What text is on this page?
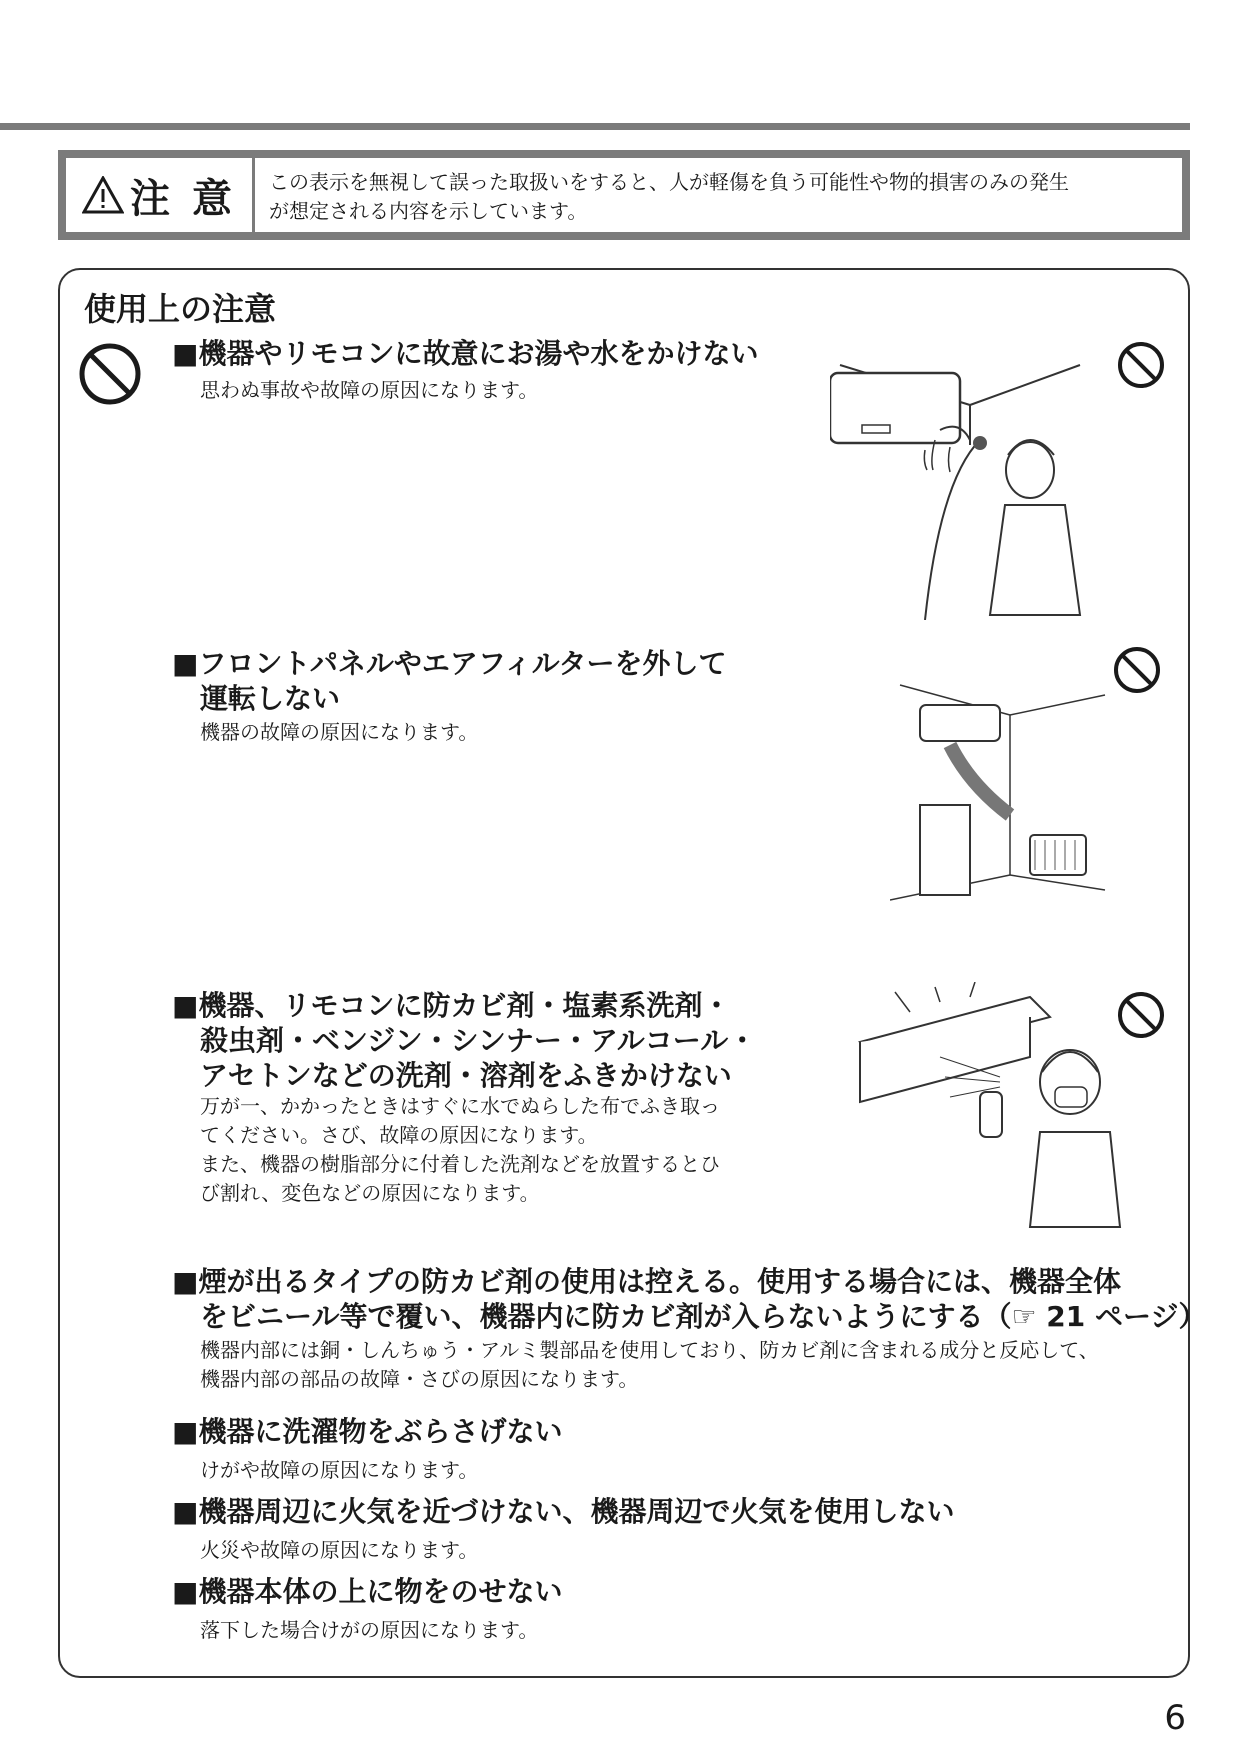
注 意	この表示を無視して誤った取扱いをすると、人が軽傷を負う可能性や物的損害のみの発生
が想定される内容を示しています。
使用上の注意
■機器やリモコンに故意にお湯や水をかけない
思わぬ事故や故障の原因になります。
■フロントパネルやエアフィルターを外して
　運転しない
機器の故障の原因になります。
■機器、リモコンに防カビ剤・塩素系洗剤・
　殺虫剤・ベンジン・シンナー・アルコール・
　アセトンなどの洗剤・溶剤をふきかけない
万が一、かかったときはすぐに水でぬらした布でふき取っ
てください。さび、故障の原因になります。
また、機器の樹脂部分に付着した洗剤などを放置するとひ
び割れ、変色などの原因になります。
■煙が出るタイプの防カビ剤の使用は控える。使用する場合には、機器全体
　をビニール等で覆い、機器内に防カビ剤が入らないようにする（☞ 21 ページ）
機器内部には銅・しんちゅう・アルミ製部品を使用しており、防カビ剤に含まれる成分と反応して、
機器内部の部品の故障・さびの原因になります。
■機器に洗濯物をぶらさげない
けがや故障の原因になります。
■機器周辺に火気を近づけない、機器周辺で火気を使用しない
火災や故障の原因になります。
■機器本体の上に物をのせない
落下した場合けがの原因になります。
6
